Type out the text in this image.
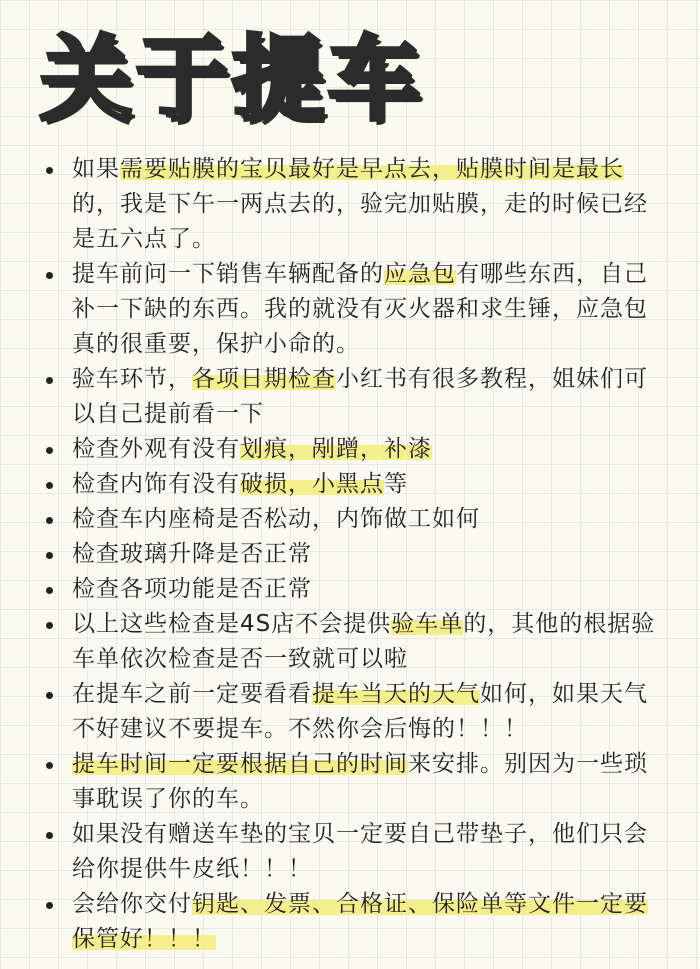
关于提车
如果需要贴膜的宝贝最好是早点去，贴膜时间是最长的，我是下午一两点去的，验完加贴膜，走的时候已经是五六点了。
提车前问一下销售车辆配备的应急包有哪些东西，自己补一下缺的东西。我的就没有灭火器和求生锤，应急包真的很重要，保护小命的。
验车环节，各项日期检查小红书有很多教程，姐妹们可以自己提前看一下
检查外观有没有划痕，剐蹭，补漆
检查内饰有没有破损，小黑点等
检查车内座椅是否松动，内饰做工如何
检查玻璃升降是否正常
检查各项功能是否正常
以上这些检查是4S店不会提供验车单的，其他的根据验车单依次检查是否一致就可以啦
在提车之前一定要看看提车当天的天气如何，如果天气不好建议不要提车。不然你会后悔的！！！
提车时间一定要根据自己的时间来安排。别因为一些琐事耽误了你的车。
如果没有赠送车垫的宝贝一定要自己带垫子，他们只会给你提供牛皮纸！！！
会给你交付钥匙、发票、合格证、保险单等文件一定要保管好！！！
